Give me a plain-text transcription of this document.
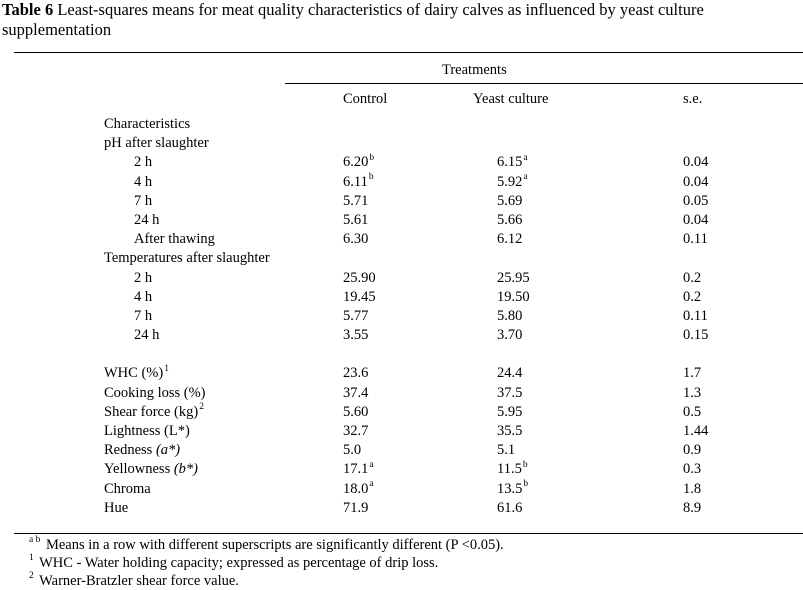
Table 6 Least-squares means for meat quality characteristics of dairy calves as influenced by yeast culture supplementation
Treatments
Control	Yeast culture	s.e.
Characteristics
pH after slaughter
2 h	6.20$^b$	6.15$^a$	0.04
4 h	6.11$^b$	5.92$^a$	0.04
7 h	5.71	5.69	0.05
24 h	5.61	5.66	0.04
After thawing	6.30	6.12	0.11
Temperatures after slaughter
2 h	25.90	25.95	0.2
4 h	19.45	19.50	0.2
7 h	5.77	5.80	0.11
24 h	3.55	3.70	0.15
WHC (%)$^1$	23.6	24.4	1.7
Cooking loss (%)	37.4	37.5	1.3
Shear force (kg)$^2$	5.60	5.95	0.5
Lightness (L*)	32.7	35.5	1.44
Redness (a*)	5.0	5.1	0.9
Yellowness (b*)	17.1$^a$	11.5$^b$	0.3
Chroma	18.0$^a$	13.5$^b$	1.8
Hue	71.9	61.6	8.9
$^{a b}$ Means in a row with different superscripts are significantly different (P <0.05).
$^1$ WHC - Water holding capacity; expressed as percentage of drip loss.
$^2$ Warner-Bratzler shear force value.
